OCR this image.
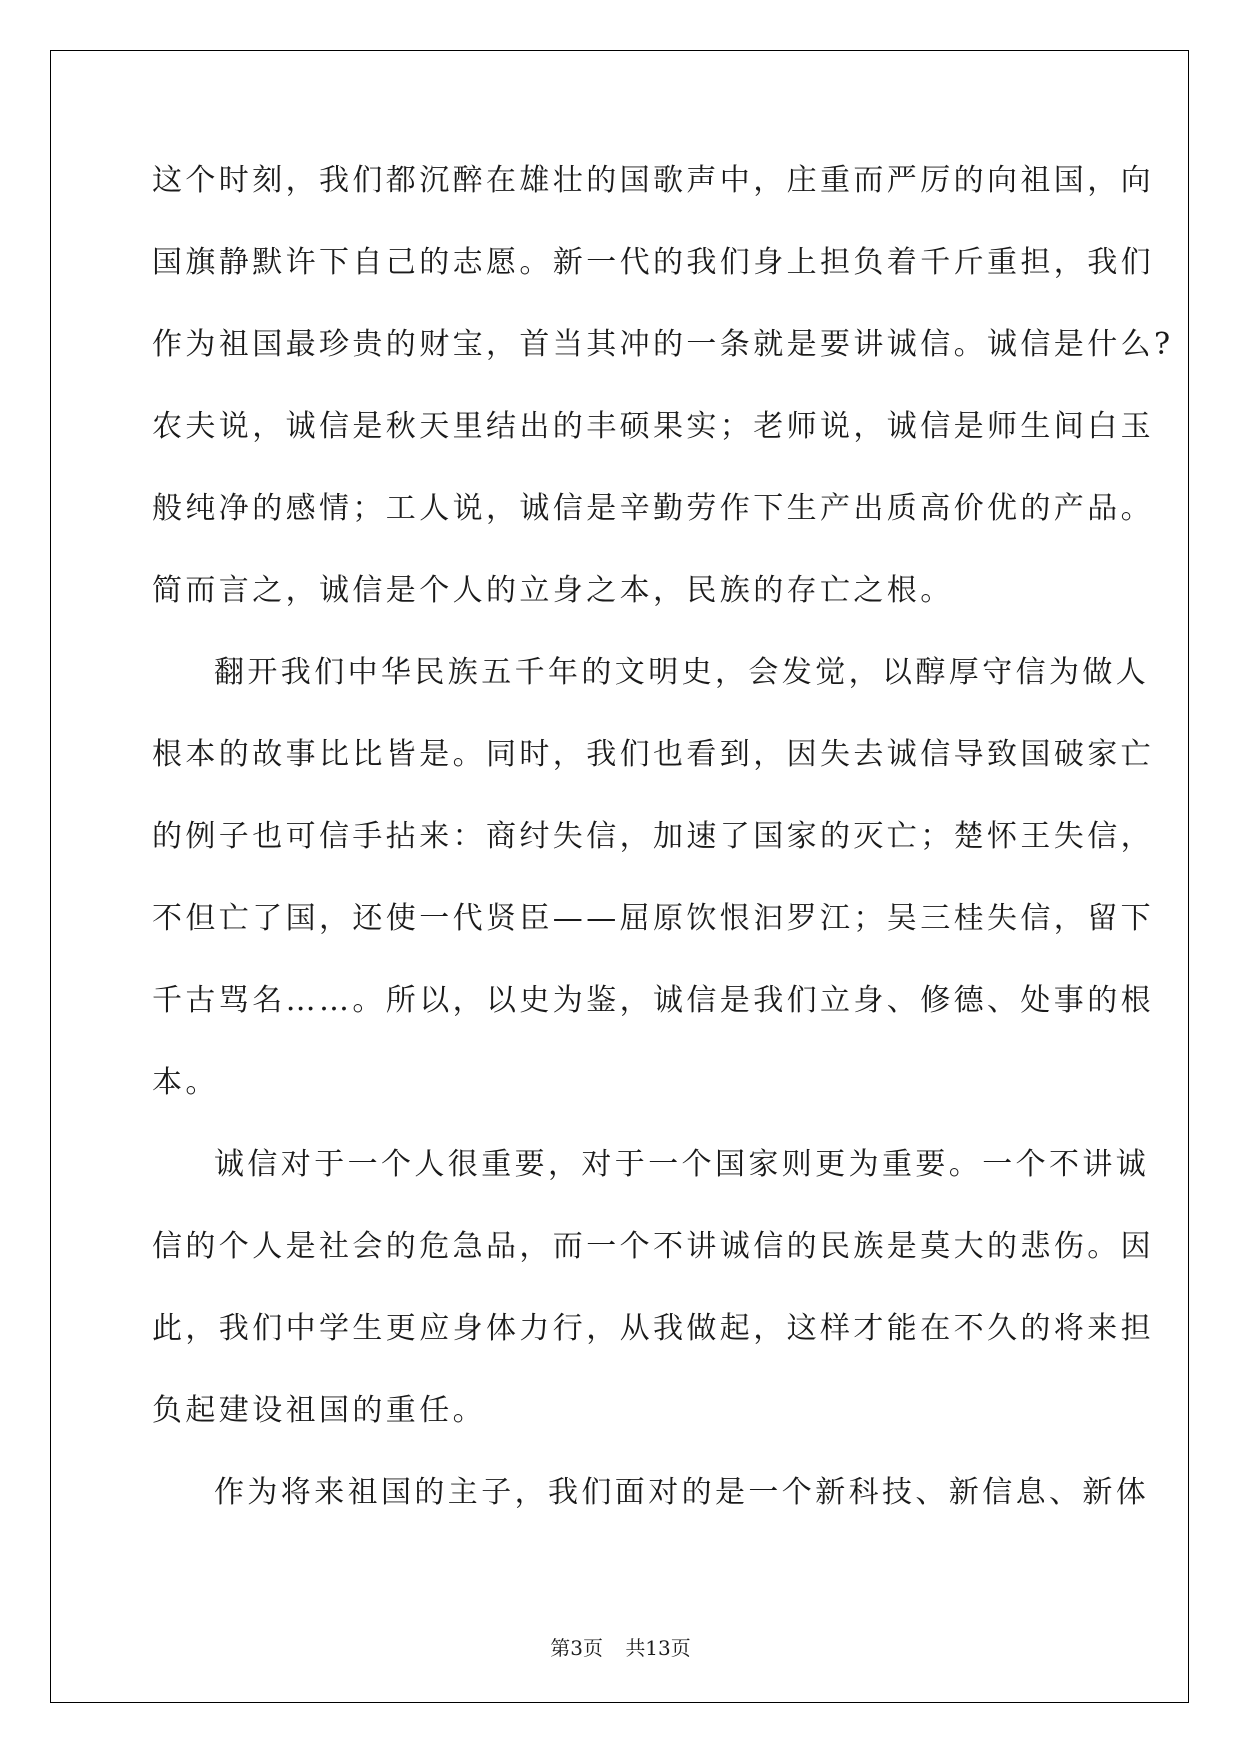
这个时刻，我们都沉醉在雄壮的国歌声中，庄重而严厉的向祖国，向
国旗静默许下自己的志愿。新一代的我们身上担负着千斤重担，我们
作为祖国最珍贵的财宝，首当其冲的一条就是要讲诚信。诚信是什么?
农夫说，诚信是秋天里结出的丰硕果实；老师说，诚信是师生间白玉
般纯净的感情；工人说，诚信是辛勤劳作下生产出质高价优的产品。
简而言之，诚信是个人的立身之本，民族的存亡之根。
翻开我们中华民族五千年的文明史，会发觉，以醇厚守信为做人
根本的故事比比皆是。同时，我们也看到，因失去诚信导致国破家亡
的例子也可信手拈来：商纣失信，加速了国家的灭亡；楚怀王失信，
不但亡了国，还使一代贤臣——屈原饮恨汩罗江；吴三桂失信，留下
千古骂名……。所以，以史为鉴，诚信是我们立身、修德、处事的根
本。
诚信对于一个人很重要，对于一个国家则更为重要。一个不讲诚
信的个人是社会的危急品，而一个不讲诚信的民族是莫大的悲伤。因
此，我们中学生更应身体力行，从我做起，这样才能在不久的将来担
负起建设祖国的重任。
作为将来祖国的主子，我们面对的是一个新科技、新信息、新体
第3页 共13页
